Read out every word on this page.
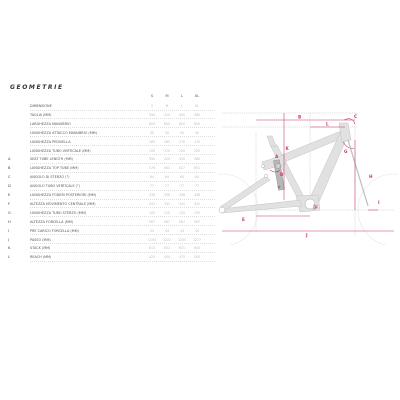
GEOMETRIE
S	M	L	XL
DIMENSIONE	S	M	L	XL
TAGLIA (MM)	390	420	450	480
LARGHEZZA MANUBRIO	800	800	800	800
LUNGHEZZA ATTACCO MANUBRIO (MM)	50	50	50	50
LUNGHEZZA PEDIVELLA	165	165	170	170
LUNGHEZZA TUBO VERTICALE (MM)	150	170	200	200
A	SEAT TUBE LENGTH (MM)	390	420	450	480
B	LUNGHEZZA TOP TUBE (MM)	576	602	627	651
C	ANGOLO DI STERZO (°)	64	64	64	64
D	ANGOLO TUBO VERTICALE (°)	77	77	77	77
E	LUNGHEZZA FODERI POSTERIORI (MM)	438	438	438	438
F	ALTEZZA MOVIMENTO CENTRALE (MM)	341	341	341	341
G	LUNGHEZZA TUBO STERZO (MM)	105	115	125	135
H	ALTEZZA FORCELLA (MM)	567	567	567	567
I	PRE CARICO FORCELLA (MM)	44	44	44	44
J	PASSO (MM)	1194	1222	1250	1277
K	STACK (MM)	613	622	631	640
L	REACH (MM)	425	450	475	500
B
L
K
D
A
C
G
H
I
E
F
J
